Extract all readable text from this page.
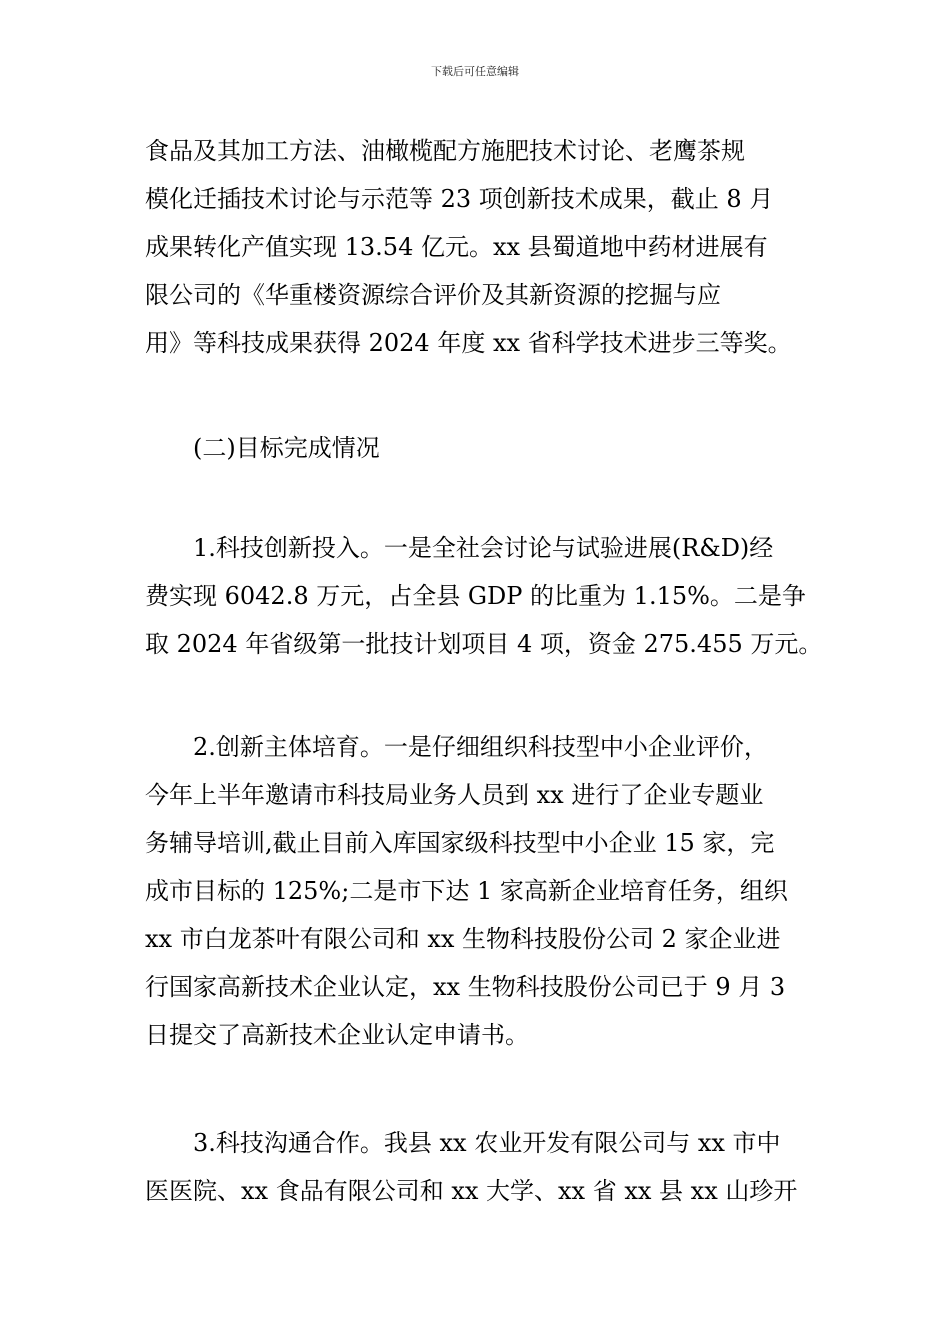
下载后可任意编辑
食品及其加工方法、油橄榄配方施肥技术讨论、老鹰茶规
模化迁插技术讨论与示范等 23 项创新技术成果，截止 8 月
成果转化产值实现 13.54 亿元。xx 县蜀道地中药材进展有
限公司的《华重楼资源综合评价及其新资源的挖掘与应
用》等科技成果获得 2024 年度 xx 省科学技术进步三等奖。
(二)目标完成情况
1.科技创新投入。一是全社会讨论与试验进展(R&D)经
费实现 6042.8 万元，占全县 GDP 的比重为 1.15%。二是争
取 2024 年省级第一批技计划项目 4 项，资金 275.455 万元。
2.创新主体培育。一是仔细组织科技型中小企业评价，
今年上半年邀请市科技局业务人员到 xx 进行了企业专题业
务辅导培训,截止目前入库国家级科技型中小企业 15 家，完
成市目标的 125%;二是市下达 1 家高新企业培育任务，组织
xx 市白龙茶叶有限公司和 xx 生物科技股份公司 2 家企业进
行国家高新技术企业认定，xx 生物科技股份公司已于 9 月 3
日提交了高新技术企业认定申请书。
3.科技沟通合作。我县 xx 农业开发有限公司与 xx 市中
医医院、xx 食品有限公司和 xx 大学、xx 省 xx 县 xx 山珍开
